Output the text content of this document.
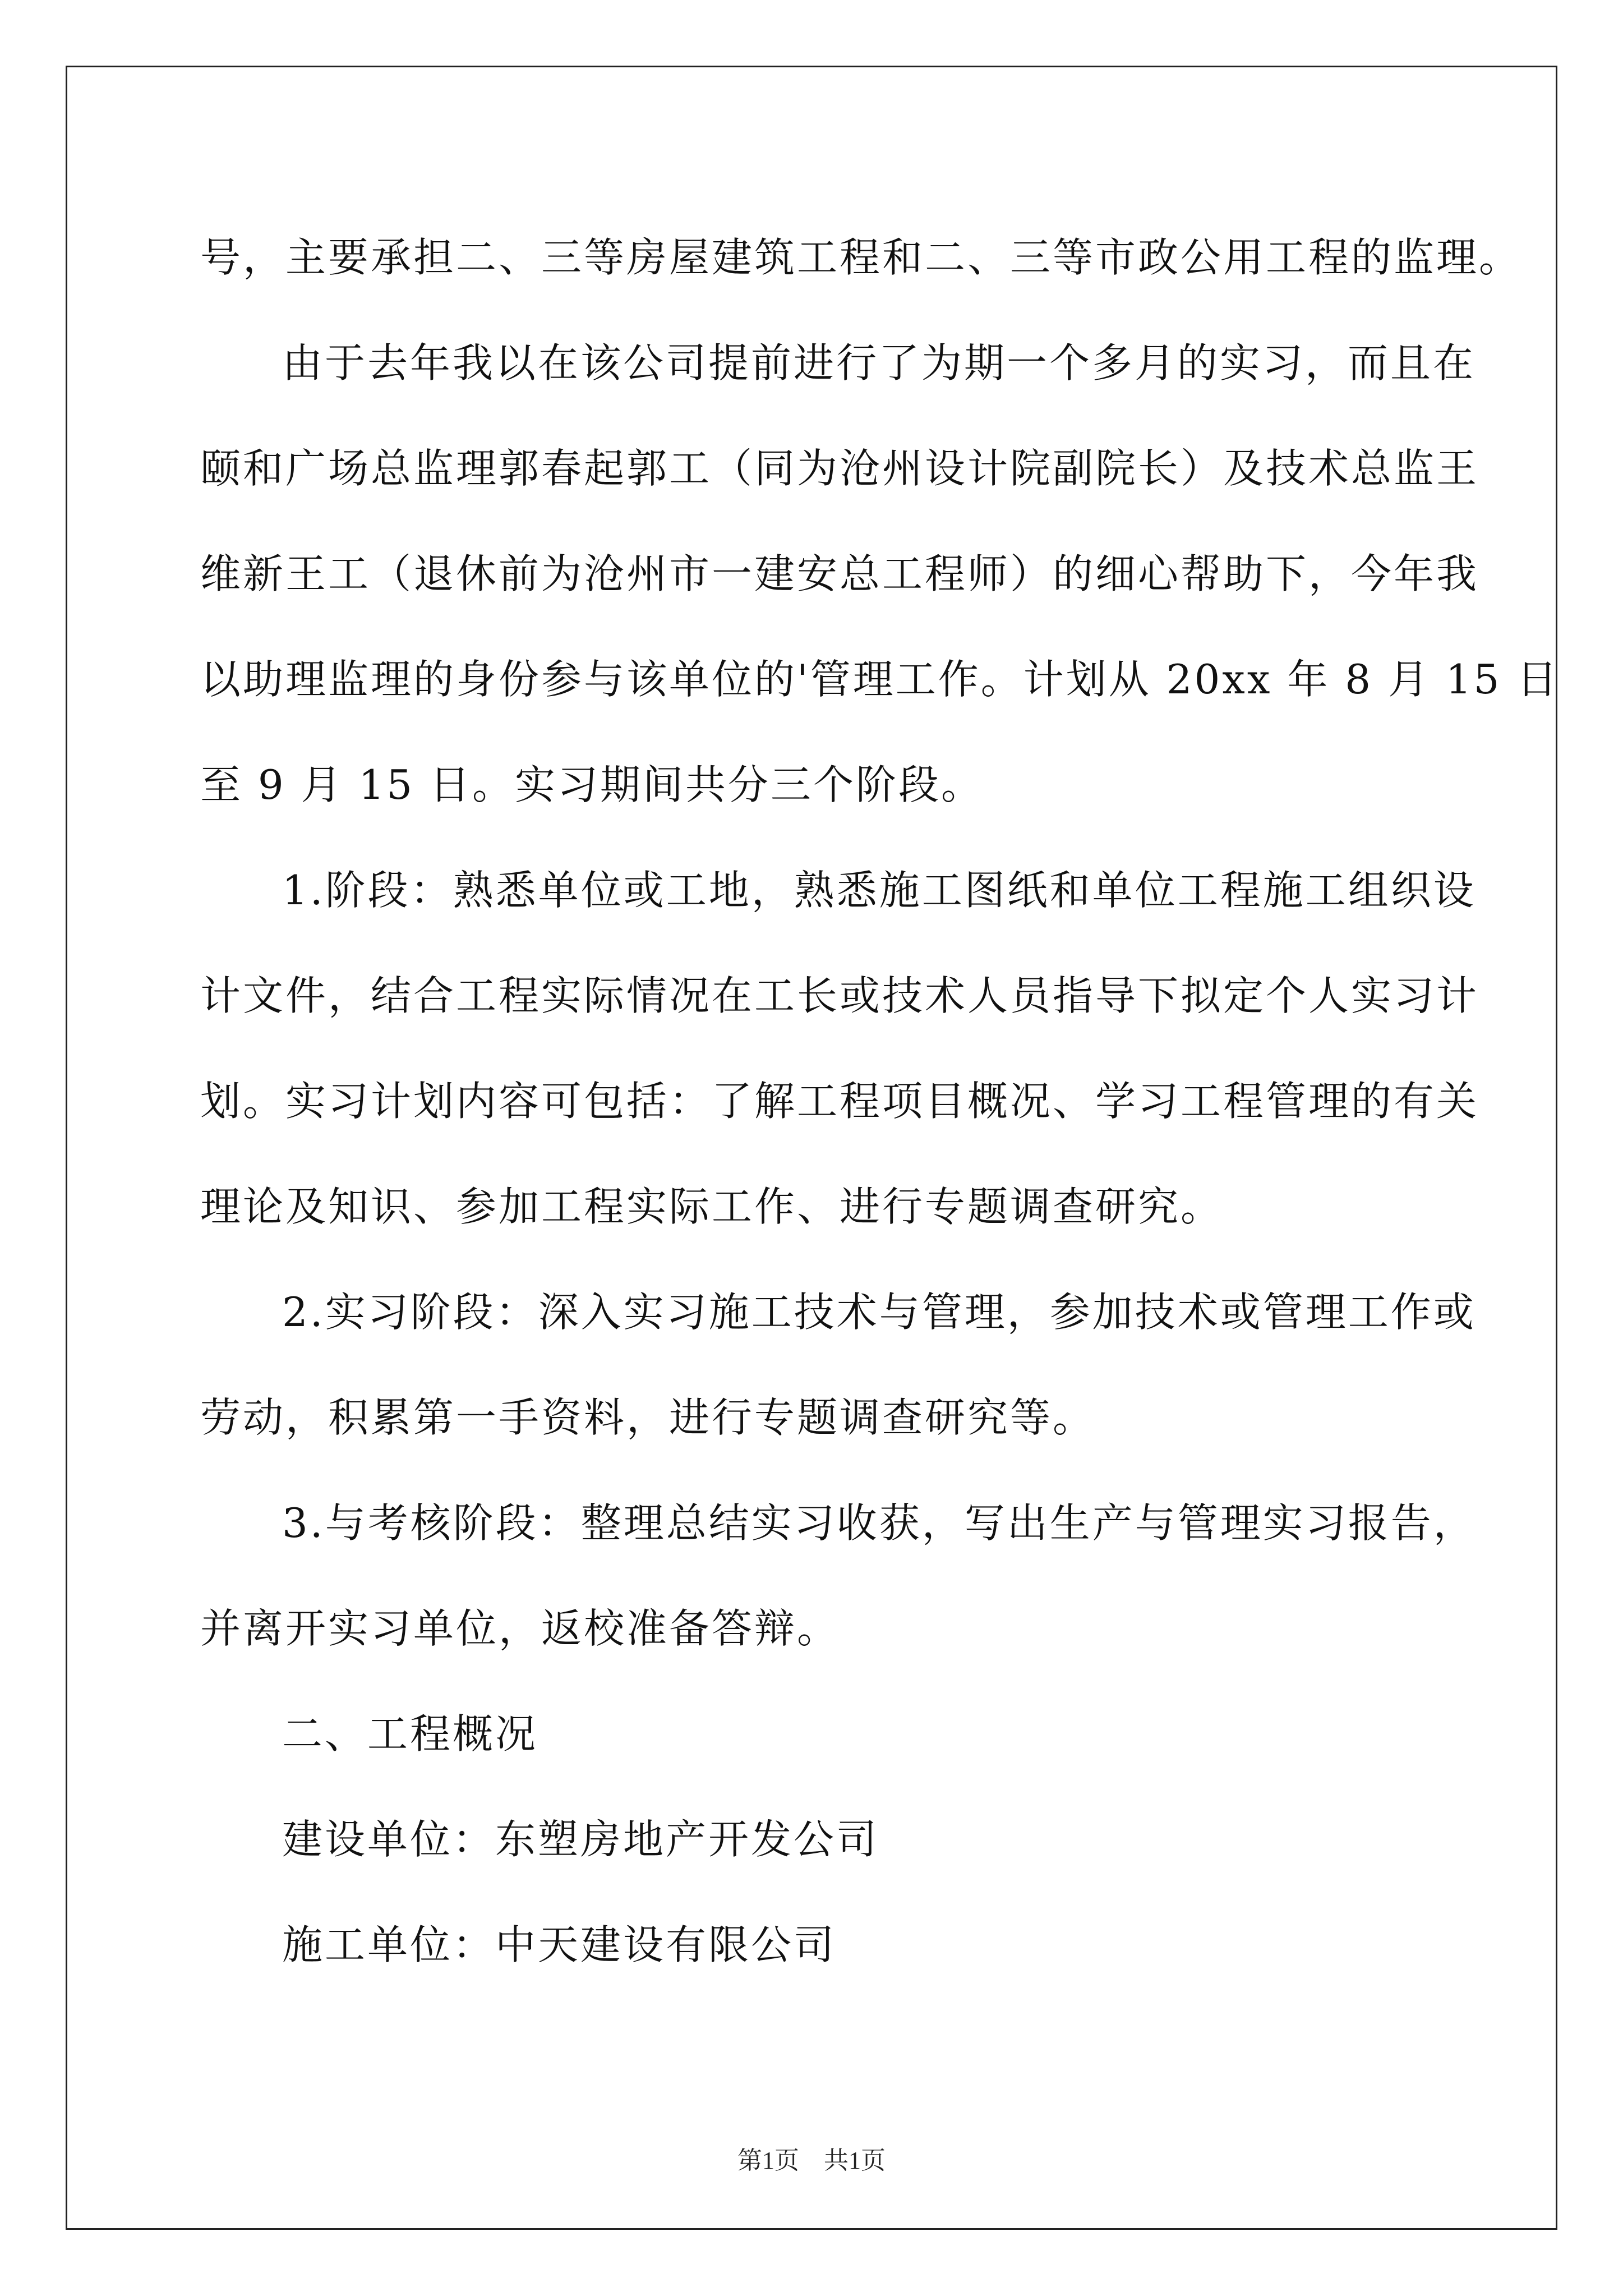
号，主要承担二、三等房屋建筑工程和二、三等市政公用工程的监理。
由于去年我以在该公司提前进行了为期一个多月的实习，而且在
颐和广场总监理郭春起郭工（同为沧州设计院副院长）及技术总监王
维新王工（退休前为沧州市一建安总工程师）的细心帮助下，今年我
以助理监理的身份参与该单位的'管理工作。计划从 20xx 年 8 月 15 日
至 9 月 15 日。实习期间共分三个阶段。
1.阶段：熟悉单位或工地，熟悉施工图纸和单位工程施工组织设
计文件，结合工程实际情况在工长或技术人员指导下拟定个人实习计
划。实习计划内容可包括：了解工程项目概况、学习工程管理的有关
理论及知识、参加工程实际工作、进行专题调查研究。
2.实习阶段：深入实习施工技术与管理，参加技术或管理工作或
劳动，积累第一手资料，进行专题调查研究等。
3.与考核阶段：整理总结实习收获，写出生产与管理实习报告，
并离开实习单位，返校准备答辩。
二、工程概况
建设单位：东塑房地产开发公司
施工单位：中天建设有限公司
第1页　共1页
